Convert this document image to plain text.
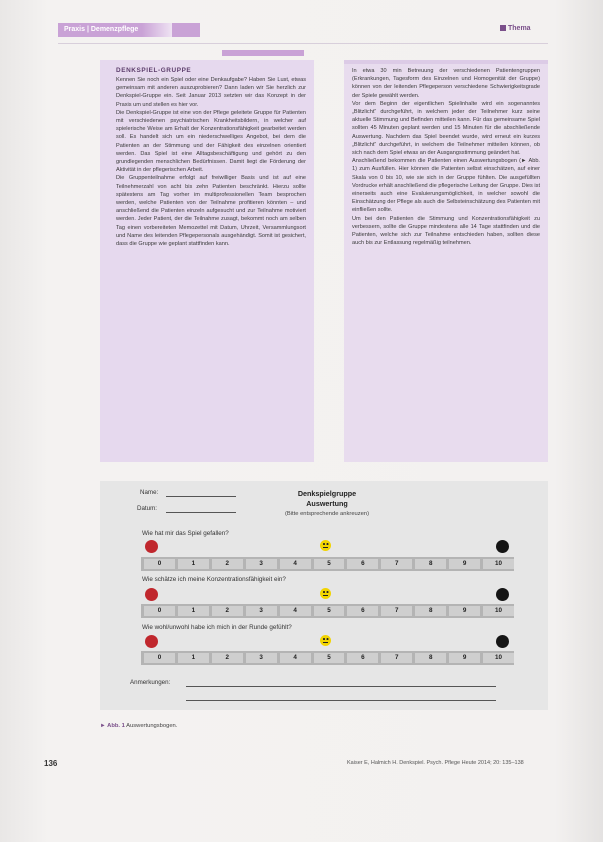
Praxis | Demenzpflege	Thema
DENKSPIEL-GRUPPE

Kennen Sie noch ein Spiel oder eine Denkaufgabe? Haben Sie Lust, etwas gemeinsam mit anderen auszuprobieren? Dann laden wir Sie herzlich zur Denkspiel-Gruppe ein. Seit Januar 2013 setzten wir das Konzept in der Praxis um und stellen es hier vor.

Die Denkspiel-Gruppe ist eine von der Pflege geleitete Gruppe für Patienten mit verschiedenen psychiatrischen Krankheitsbildern, in welcher auf spielerische Weise am Erhalt der Konzentrationsfähigkeit gearbeitet werden soll. Es handelt sich um ein niederschwelliges Angebot, bei dem die Patienten an der Stimmung und der Fähigkeit des einzelnen orientiert werden. Das Spiel ist eine Alltagsbeschäftigung und gehört zu den grundlegenden menschlichen Bedürfnissen. Damit liegt die Förderung der Aktivität in der pflegerischen Arbeit.

Die Gruppenteilnahme erfolgt auf freiwilliger Basis und ist auf eine Teilnehmerzahl von acht bis zehn Patienten beschränkt. Hierzu sollte spätestens am Tag vorher im multiprofessionellen Team besprochen werden, welche Patienten von der Teilnahme profitieren könnten – und anschließend die Patienten einzeln aufgesucht und zur Teilnahme motiviert werden. Jeder Patient, der die Teilnahme zusagt, bekommt noch am selben Tag einen vorbereiteten Memozettel mit Datum, Uhrzeit, Versammlungsort und Name des leitenden Pflegepersonals ausgehändigt. Somit ist gesichert, dass die Gruppe wie geplant stattfinden kann.

In etwa 30 min Betreuung der verschiedenen Patientengruppen (Erkrankungen, Tagesform des Einzelnen und Homogenität der Gruppe) können von der leitenden Pflegeperson verschiedene Schwierigkeitsgrade der Spiele gewählt werden.

Vor dem Beginn der eigentlichen Spielinhalte wird ein sogenanntes „Blitzlicht“ durchgeführt, in welchem jeder der Teilnehmer kurz seine aktuelle Stimmung und Befinden mitteilen kann. Für das gemeinsame Spiel sollten 45 Minuten geplant werden und 15 Minuten für die abschließende Auswertung. Nachdem das Spiel beendet wurde, wird erneut ein kurzes „Blitzlicht“ durchgeführt, in welchem die Teilnehmer mitteilen können, ob sich nach dem Spiel etwas an der Ausgangsstimmung geändert hat.

Anschließend bekommen die Patienten einen Auswertungsbogen (► Abb. 1) zum Ausfüllen. Hier können die Patienten selbst einschätzen, auf einer Skala von 0 bis 10, wie sie sich in der Gruppe fühlten. Die ausgefüllten Vordrucke erhält anschließend die pflegerische Leitung der Gruppe. Dies ist einerseits auch eine Evaluierungsmöglichkeit, in welcher sowohl die Einschätzung der Pflege als auch die Selbsteinschätzung des Patienten mit einfließen sollte.

Um bei den Patienten die Stimmung und Konzentrationsfähigkeit zu verbessern, sollte die Gruppe mindestens alle 14 Tage stattfinden und die Patienten, welche sich zur Teilnahme entschieden haben, sollten diese auch bis zur Entlassung regelmäßig teilnehmen.

Name:
Datum:
Denkspielgruppe
Auswertung
(Bitte entsprechende ankreuzen)
Wie hat mir das Spiel gefallen?
0	1	2	3	4	5	6	7	8	9	10
Wie schätze ich meine Konzentrationsfähigkeit ein?
0	1	2	3	4	5	6	7	8	9	10
Wie wohl/unwohl habe ich mich in der Runde gefühlt?
0	1	2	3	4	5	6	7	8	9	10
Anmerkungen:
► Abb. 1 Auswertungsbogen.
136	Kaiser E, Halmich H. Denkspiel. Psych. Pflege Heute 2014; 20: 135–138
